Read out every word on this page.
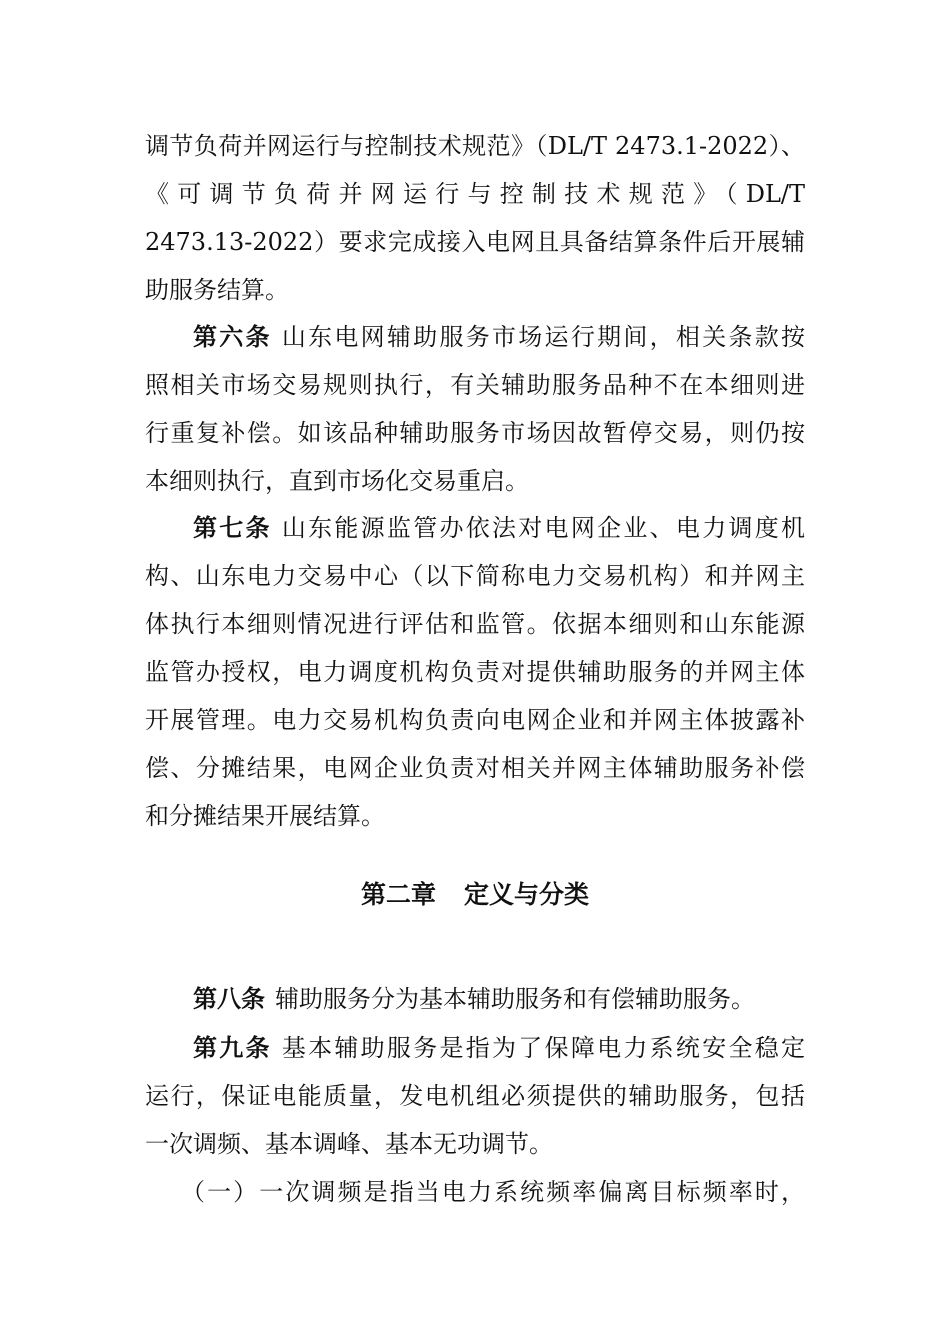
调节负荷并网运行与控制技术规范》（DL/T 2473.1-2022）、
《可调节负荷并网运行与控制技术规范》（DL/T
2473.13-2022）要求完成接入电网且具备结算条件后开展辅
助服务结算。
第六条 山东电网辅助服务市场运行期间，相关条款按
照相关市场交易规则执行，有关辅助服务品种不在本细则进
行重复补偿。如该品种辅助服务市场因故暂停交易，则仍按
本细则执行，直到市场化交易重启。
第七条 山东能源监管办依法对电网企业、电力调度机
构、山东电力交易中心（以下简称电力交易机构）和并网主
体执行本细则情况进行评估和监管。依据本细则和山东能源
监管办授权，电力调度机构负责对提供辅助服务的并网主体
开展管理。电力交易机构负责向电网企业和并网主体披露补
偿、分摊结果，电网企业负责对相关并网主体辅助服务补偿
和分摊结果开展结算。
第二章 定义与分类
第八条 辅助服务分为基本辅助服务和有偿辅助服务。
第九条 基本辅助服务是指为了保障电力系统安全稳定
运行，保证电能质量，发电机组必须提供的辅助服务，包括
一次调频、基本调峰、基本无功调节。
（一）一次调频是指当电力系统频率偏离目标频率时，
